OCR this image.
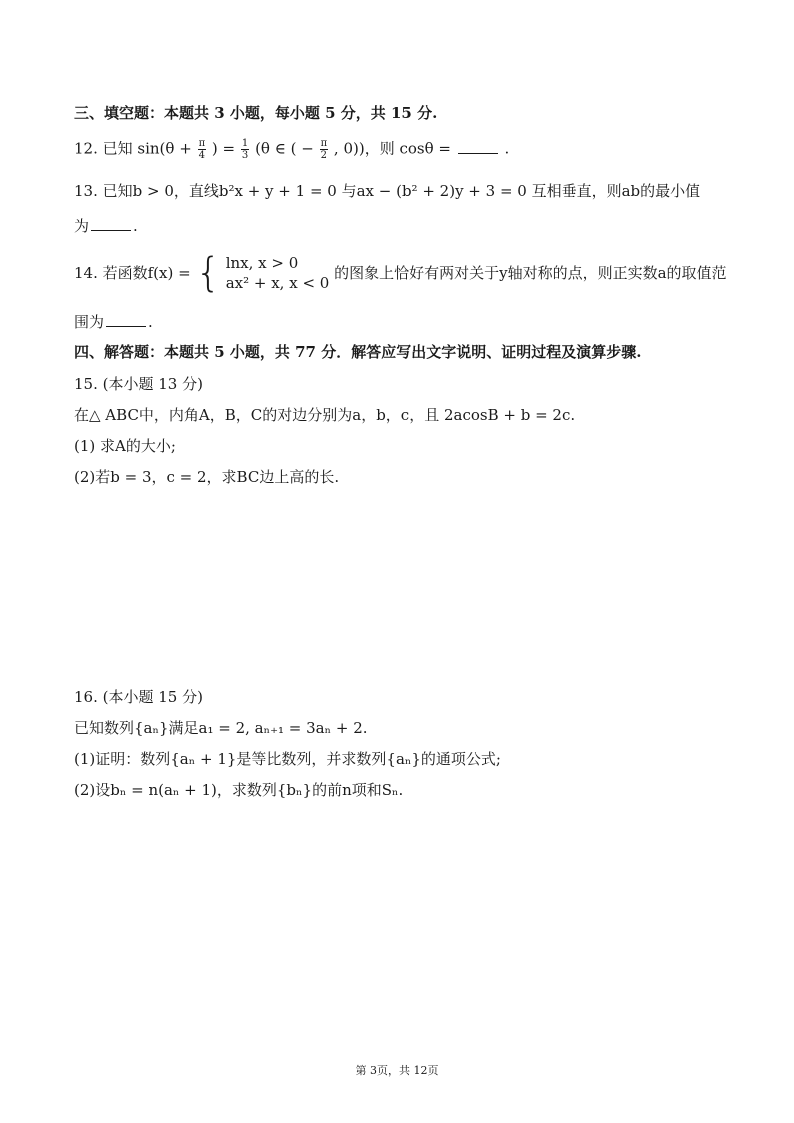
三、填空题：本题共 3 小题，每小题 5 分，共 15 分.
12. 已知 $\sin(\theta + \frac{\pi}{4}$ ) = $\frac{1}{3} (\theta$ ∈ ( − $\frac{\pi}{2}$ , 0))，则 cosθ =	.
13. 已知b > 0，直线b²x + y + 1 = 0 与ax − (b² + 2)y + 3 = 0 互相垂直，则ab的最小值
为	.
14. 若函数f(x) = { lnx, x > 0
ax² + x, x < 0
的图象上恰好有两对关于y轴对称的点，则正实数a的取值范
围为	.
四、解答题：本题共 5 小题，共 77 分．解答应写出文字说明、证明过程及演算步骤.
15. (本小题 13 分)
在△ ABC中，内角A，B，C的对边分别为a，b，c，且 2acosB + b = 2c.
(1) 求A的大小;
(2)若b = 3，c = 2，求BC边上高的长.
16. (本小题 15 分)
已知数列{aₙ}满足a₁ = 2, aₙ₊₁ = 3aₙ + 2.
(1)证明：数列{aₙ + 1}是等比数列，并求数列{aₙ}的通项公式;
(2)设bₙ = n(aₙ + 1)，求数列{bₙ}的前n项和Sₙ.
第 3页，共 12页
